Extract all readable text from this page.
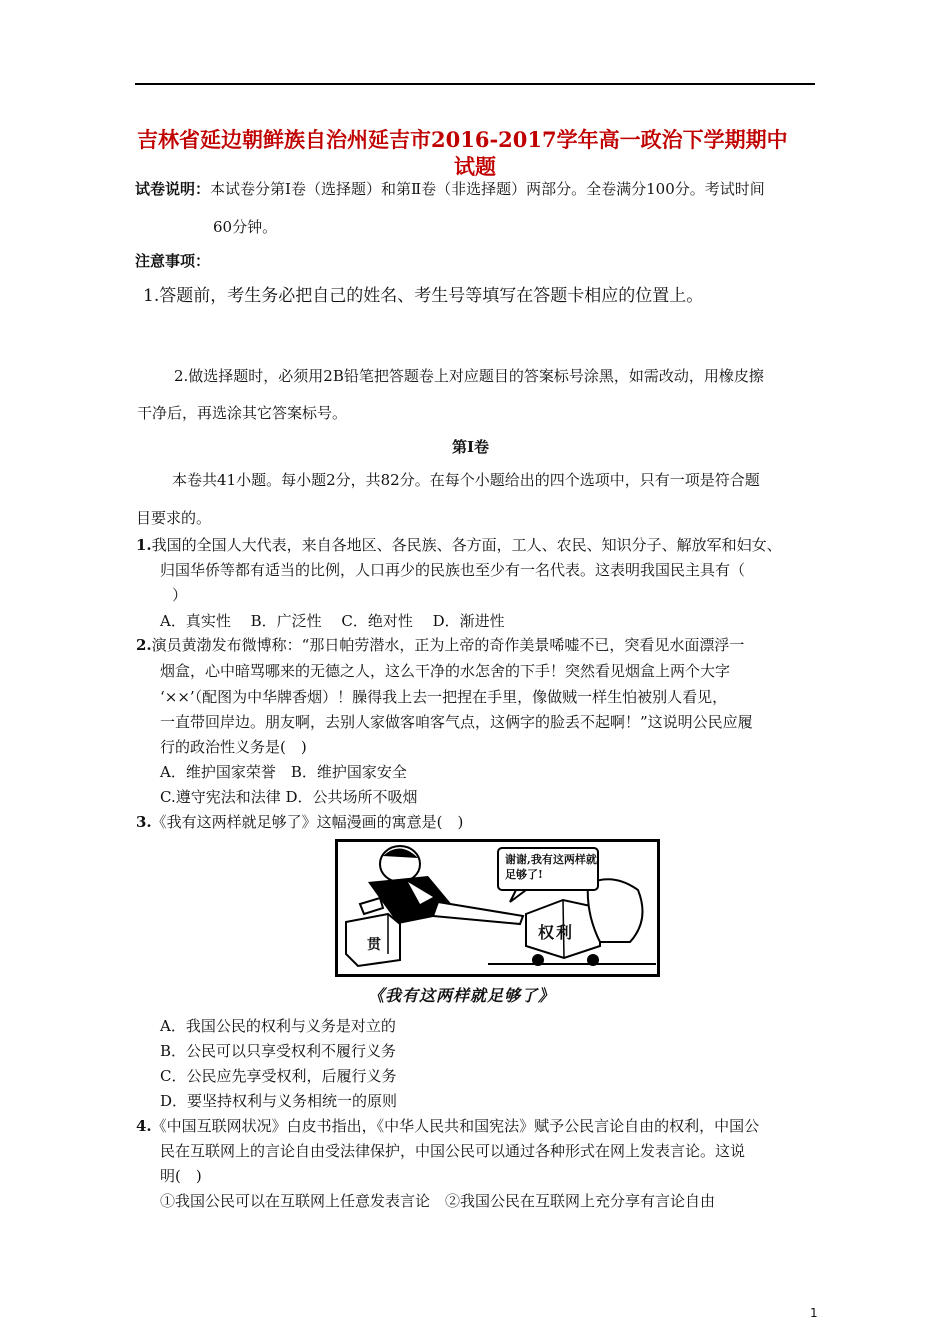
吉林省延边朝鲜族自治州延吉市2016-2017学年高一政治下学期期中
试题
试卷说明：本试卷分第Ⅰ卷（选择题）和第Ⅱ卷（非选择题）两部分。全卷满分100分。考试时间
60分钟。
注意事项：
1.答题前，考生务必把自己的姓名、考生号等填写在答题卡相应的位置上。
2.做选择题时，必须用2B铅笔把答题卷上对应题目的答案标号涂黑，如需改动，用橡皮擦
干净后，再选涂其它答案标号。
第Ⅰ卷
本卷共41小题。每小题2分，共82分。在每个小题给出的四个选项中，只有一项是符合题
目要求的。
1.我国的全国人大代表，来自各地区、各民族、各方面，工人、农民、知识分子、解放军和妇女、
归国华侨等都有适当的比例，人口再少的民族也至少有一名代表。这表明我国民主具有（
）
A．真实性　 B．广泛性　 C．绝对性　 D．渐进性
2.演员黄渤发布微博称：“那日帕劳潜水，正为上帝的奇作美景唏嘘不已，突看见水面漂浮一
烟盒，心中暗骂哪来的无德之人，这么干净的水怎舍的下手！突然看见烟盒上两个大字
‘××’（配图为中华牌香烟）！臊得我上去一把捏在手里，像做贼一样生怕被别人看见，
一直带回岸边。朋友啊，去别人家做客咱客气点，这俩字的脸丢不起啊！”这说明公民应履
行的政治性义务是(　)
A．维护国家荣誉　B．维护国家安全
C.遵守宪法和法律 D．公共场所不吸烟
3.《我有这两样就足够了》这幅漫画的寓意是(　)
谢谢,我有这两样就足够了!
贯
权利
《我有这两样就足够了》
A．我国公民的权利与义务是对立的
B．公民可以只享受权利不履行义务
C．公民应先享受权利，后履行义务
D．要坚持权利与义务相统一的原则
4.《中国互联网状况》白皮书指出，《中华人民共和国宪法》赋予公民言论自由的权利，中国公
民在互联网上的言论自由受法律保护，中国公民可以通过各种形式在网上发表言论。这说
明(　)
①我国公民可以在互联网上任意发表言论　②我国公民在互联网上充分享有言论自由
1
